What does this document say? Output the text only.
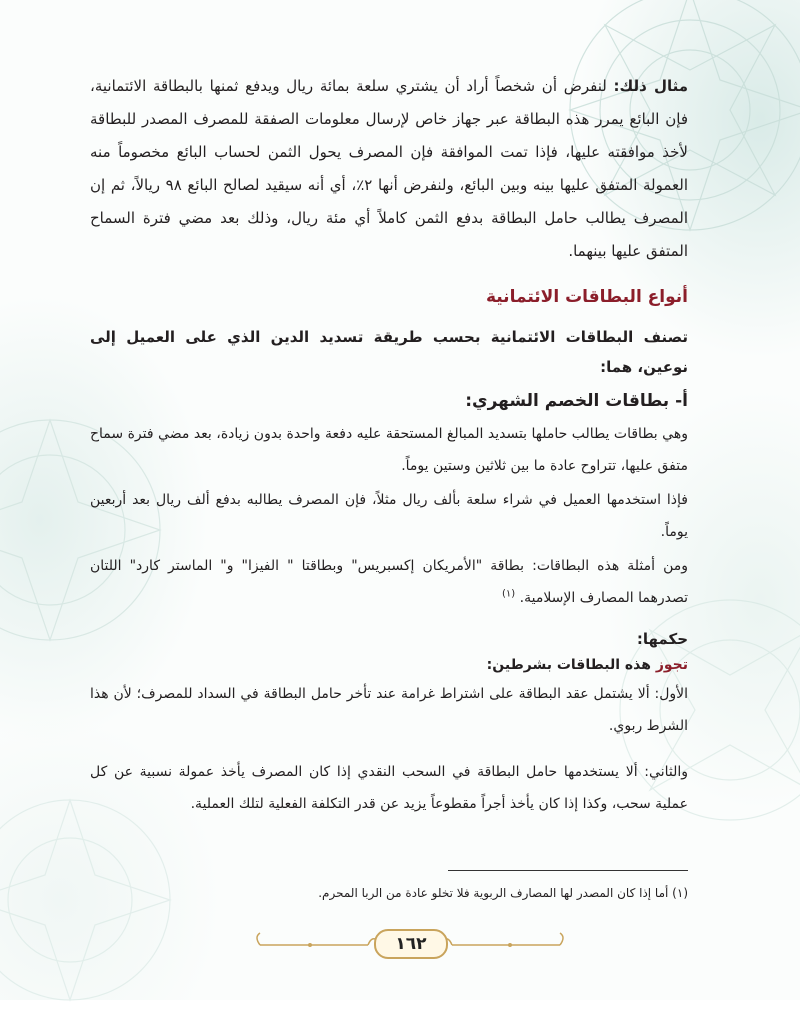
مثال ذلك: لنفرض أن شخصاً أراد أن يشتري سلعة بمائة ريال ويدفع ثمنها بالبطاقة الائتمانية، فإن البائع يمرر هذه البطاقة عبر جهاز خاص لإرسال معلومات الصفقة للمصرف المصدر للبطاقة لأخذ موافقته عليها، فإذا تمت الموافقة فإن المصرف يحول الثمن لحساب البائع مخصوماً منه العمولة المتفق عليها بينه وبين البائع، ولنفرض أنها ٢٪، أي أنه سيقيد لصالح البائع ٩٨ ريالاً، ثم إن المصرف يطالب حامل البطاقة بدفع الثمن كاملاً أي مئة ريال، وذلك بعد مضي فترة السماح المتفق عليها بينهما.

أنواع البطاقات الائتمانية

تصنف البطاقات الائتمانية بحسب طريقة تسديد الدين الذي على العميل إلى نوعين، هما:

أ- بطاقات الخصم الشهري:

وهي بطاقات يطالب حاملها بتسديد المبالغ المستحقة عليه دفعة واحدة بدون زيادة، بعد مضي فترة سماح متفق عليها، تتراوح عادة ما بين ثلاثين وستين يوماً.

فإذا استخدمها العميل في شراء سلعة بألف ريال مثلاً، فإن المصرف يطالبه بدفع ألف ريال بعد أربعين يوماً.

ومن أمثلة هذه البطاقات: بطاقة "الأمريكان إكسبريس" وبطاقتا " الفيزا" و" الماستر كارد" اللتان تصدرهما المصارف الإسلامية. $^{(١)}$

حكمها:

تجوز هذه البطاقات بشرطين:

الأول: ألا يشتمل عقد البطاقة على اشتراط غرامة عند تأخر حامل البطاقة في السداد للمصرف؛ لأن هذا الشرط ربوي.

والثاني: ألا يستخدمها حامل البطاقة في السحب النقدي إذا كان المصرف يأخذ عمولة نسبية عن كل عملية سحب، وكذا إذا كان يأخذ أجراً مقطوعاً يزيد عن قدر التكلفة الفعلية لتلك العملية.

(١) أما إذا كان المصدر لها المصارف الربوية فلا تخلو عادة من الربا المحرم.

١٦٢
